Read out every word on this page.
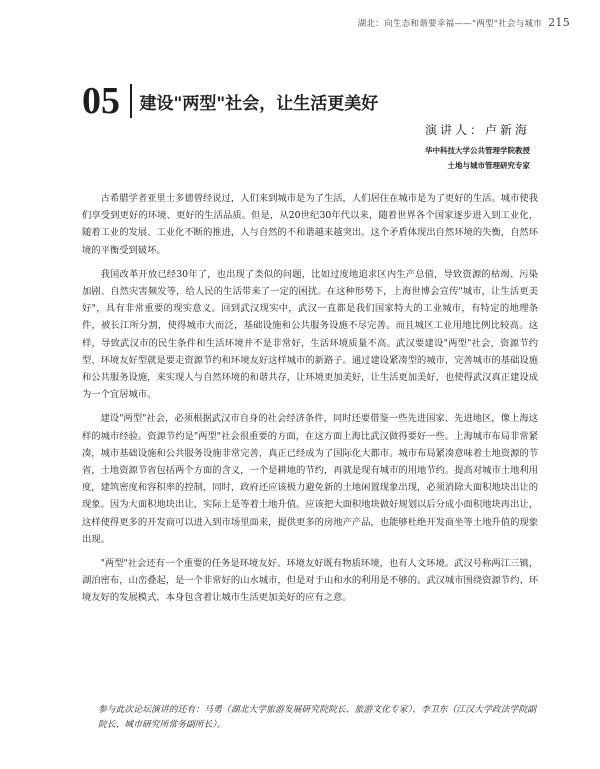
湖北：向生态和谐要幸福——"两型"社会与城市 215
05 建设"两型"社会，让生活更美好
演讲人：卢新海
华中科技大学公共管理学院教授
土地与城市管理研究专家

古希腊学者亚里士多德曾经说过，人们来到城市是为了生活，人们居住在城市是为了更好的生活。城市使我们享受到更好的环境、更好的生活品质。但是，从20世纪30年代以来，随着世界各个国家逐步进入到工业化，随着工业的发展、工业化不断的推进，人与自然的不和谐越来越突出。这个矛盾体现出自然环境的失衡，自然环境的平衡受到破坏。

我国改革开放已经30年了，也出现了类似的问题，比如过度地追求区内生产总值，导致资源的枯竭、污染加剧、自然灾害频发等，给人民的生活带来了一定的困扰。在这种形势下，上海世博会宣传"城市，让生活更美好"，具有非常重要的现实意义。回到武汉现实中，武汉一直都是我们国家特大的工业城市，有特定的地理条件，被长江所分割，使得城市大而泛，基础设施和公共服务设施不尽完善。而且城区工业用地比例比较高。这样，导致武汉市的民生条件和生活环境并不是非常好，生活环境质量不高。武汉要建设"两型"社会，资源节约型、环境友好型就是要走资源节约和环境友好这样城市的新路子。通过建设紧凑型的城市，完善城市的基础设施和公共服务设施，来实现人与自然环境的和谐共存，让环境更加美好，让生活更加美好，也使得武汉真正建设成为一个宜居城市。

建设"两型"社会，必须根据武汉市自身的社会经济条件，同时还要借鉴一些先进国家、先进地区，像上海这样的城市经验。资源节约是"两型"社会很重要的方面，在这方面上海比武汉做得要好一些。上海城市布局非常紧凑，城市基础设施和公共服务设施非常完善，真正已经成为了国际化大都市。城市布局紧凑意味着土地资源的节省，土地资源节省包括两个方面的含义，一个是耕地的节约，再就是现有城市的用地节约。提高对城市土地利用度，建筑密度和容积率的控制，同时，政府还应该极力避免新的土地闲置现象出现，必须消除大面积地块出让的现象。因为大面积地块出让，实际上是等着土地升值。应该把大面积地块做好规划以后分成小面积地块再出让，这样使得更多的开发商可以进入到市场里面来，提供更多的房地产产品，也能够杜绝开发商坐等土地升值的现象出现。

"两型"社会还有一个重要的任务是环境友好。环境友好既有物质环境，也有人文环境。武汉号称两江三镇，湖泊密布，山峦叠起，是一个非常好的山水城市，但是对于山和水的利用是不够的。武汉城市围绕资源节约、环境友好的发展模式，本身包含着让城市生活更加美好的应有之意。

参与此次论坛演讲的还有：马勇（湖北大学旅游发展研究院院长、旅游文化专家）、李卫东（江汉大学政法学院副院长、城市研究所常务副所长）。
